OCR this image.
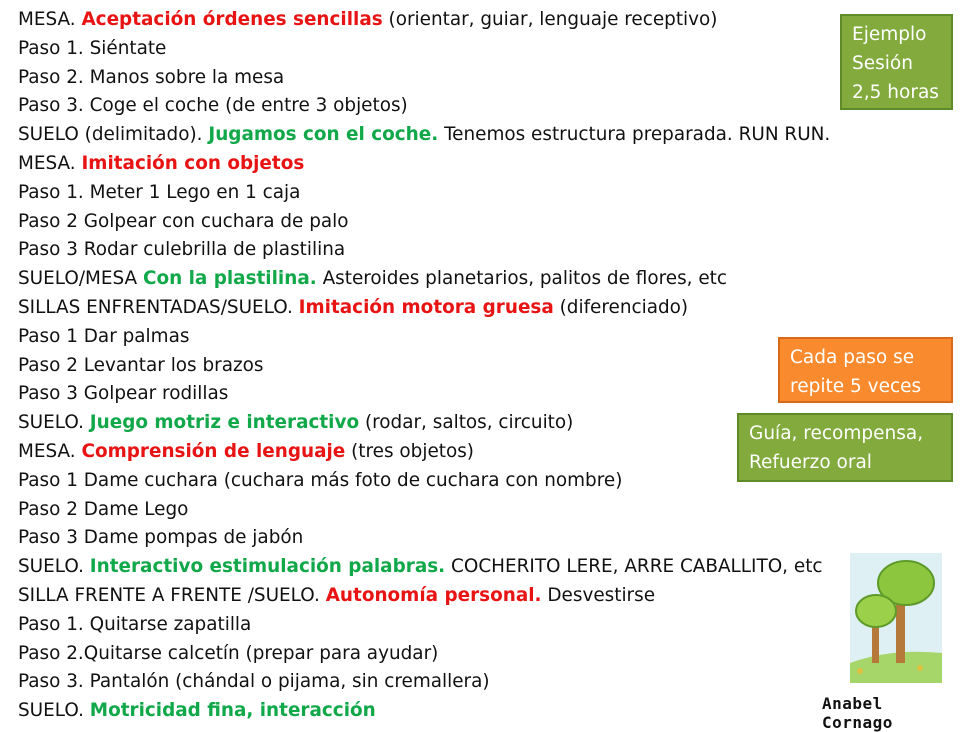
MESA. Aceptación órdenes sencillas (orientar, guiar, lenguaje receptivo)
Paso 1. Siéntate
Paso 2. Manos sobre la mesa
Paso 3. Coge el coche (de entre 3 objetos)
SUELO (delimitado). Jugamos con el coche. Tenemos estructura preparada. RUN RUN.
MESA. Imitación con objetos
Paso 1. Meter 1 Lego en 1 caja
Paso 2 Golpear con cuchara de palo
Paso 3 Rodar culebrilla de plastilina
SUELO/MESA Con la plastilina. Asteroides planetarios, palitos de flores, etc
SILLAS ENFRENTADAS/SUELO. Imitación motora gruesa (diferenciado)
Paso 1 Dar palmas
Paso 2 Levantar los brazos
Paso 3 Golpear rodillas
SUELO. Juego motriz e interactivo (rodar, saltos, circuito)
MESA. Comprensión de lenguaje (tres objetos)
Paso 1 Dame cuchara (cuchara más foto de cuchara con nombre)
Paso 2 Dame Lego
Paso 3 Dame pompas de jabón
SUELO. Interactivo estimulación palabras. COCHERITO LERE, ARRE CABALLITO, etc
SILLA FRENTE A FRENTE /SUELO. Autonomía personal. Desvestirse
Paso 1. Quitarse zapatilla
Paso 2.Quitarse calcetín (prepar para ayudar)
Paso 3. Pantalón (chándal o pijama, sin cremallera)
SUELO. Motricidad fina, interacción
Ejemplo
Sesión
2,5 horas
Cada paso se
repite 5 veces
Guía, recompensa,
Refuerzo oral
Anabel Cornago
